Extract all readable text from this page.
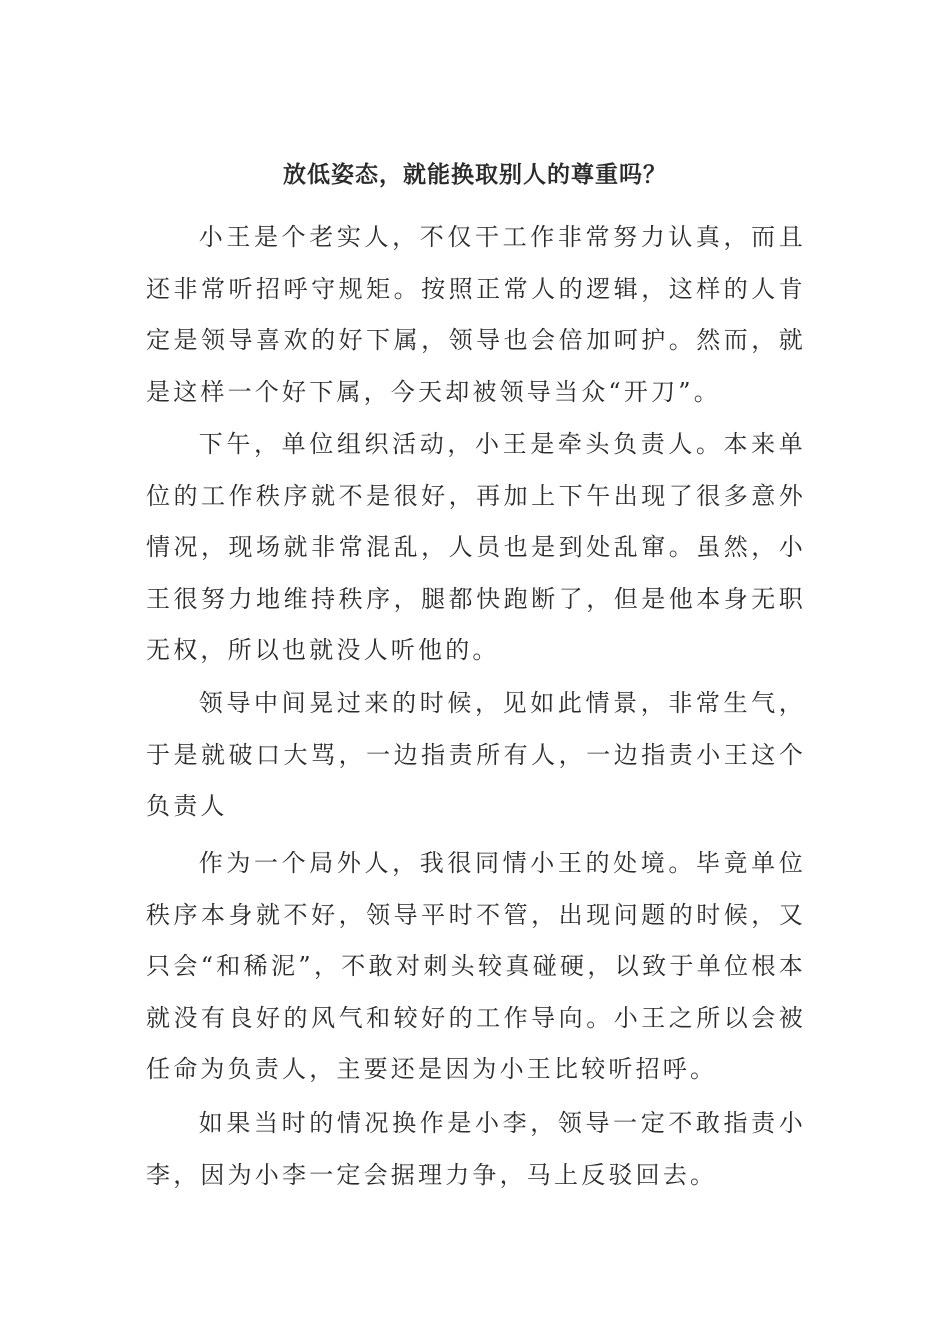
放低姿态，就能换取别人的尊重吗？

小王是个老实人，不仅干工作非常努力认真，而且还非常听招呼守规矩。按照正常人的逻辑，这样的人肯定是领导喜欢的好下属，领导也会倍加呵护。然而，就是这样一个好下属，今天却被领导当众“开刀”。

下午，单位组织活动，小王是牵头负责人。本来单位的工作秩序就不是很好，再加上下午出现了很多意外情况，现场就非常混乱，人员也是到处乱窜。虽然，小王很努力地维持秩序，腿都快跑断了，但是他本身无职无权，所以也就没人听他的。

领导中间晃过来的时候，见如此情景，非常生气，于是就破口大骂，一边指责所有人，一边指责小王这个负责人

作为一个局外人，我很同情小王的处境。毕竟单位秩序本身就不好，领导平时不管，出现问题的时候，又只会“和稀泥”，不敢对刺头较真碰硬，以致于单位根本就没有良好的风气和较好的工作导向。小王之所以会被任命为负责人，主要还是因为小王比较听招呼。

如果当时的情况换作是小李，领导一定不敢指责小李，因为小李一定会据理力争，马上反驳回去。
